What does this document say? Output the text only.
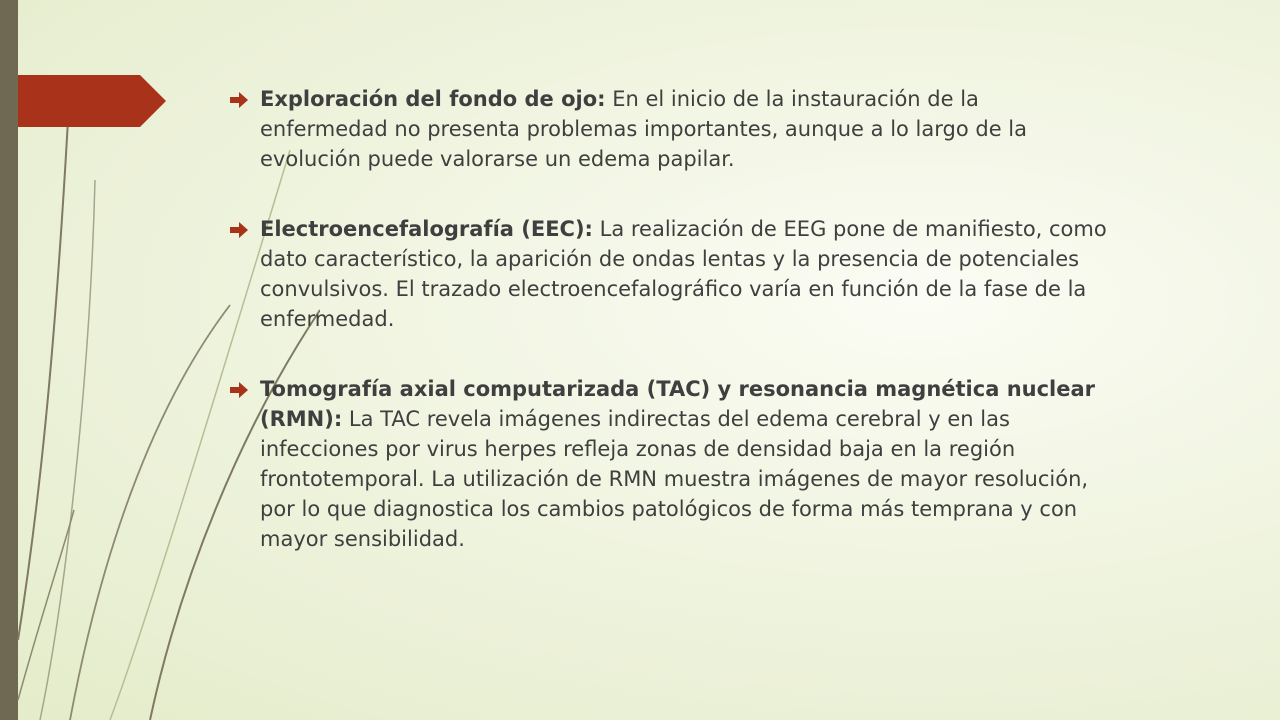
Exploración del fondo de ojo: En el inicio de la instauración de la enfermedad no presenta problemas importantes, aunque a lo largo de la evolución puede valorarse un edema papilar.
Electroencefalografía (EEC): La realización de EEG pone de manifiesto, como dato característico, la aparición de ondas lentas y la presencia de potenciales convulsivos. El trazado electroencefalográfico varía en función de la fase de la enfermedad.
Tomografía axial computarizada (TAC) y resonancia magnética nuclear (RMN): La TAC revela imágenes indirectas del edema cerebral y en las infecciones por virus herpes refleja zonas de densidad baja en la región frontotemporal. La utilización de RMN muestra imágenes de mayor resolución, por lo que diagnostica los cambios patológicos de forma más temprana y con mayor sensibilidad.
